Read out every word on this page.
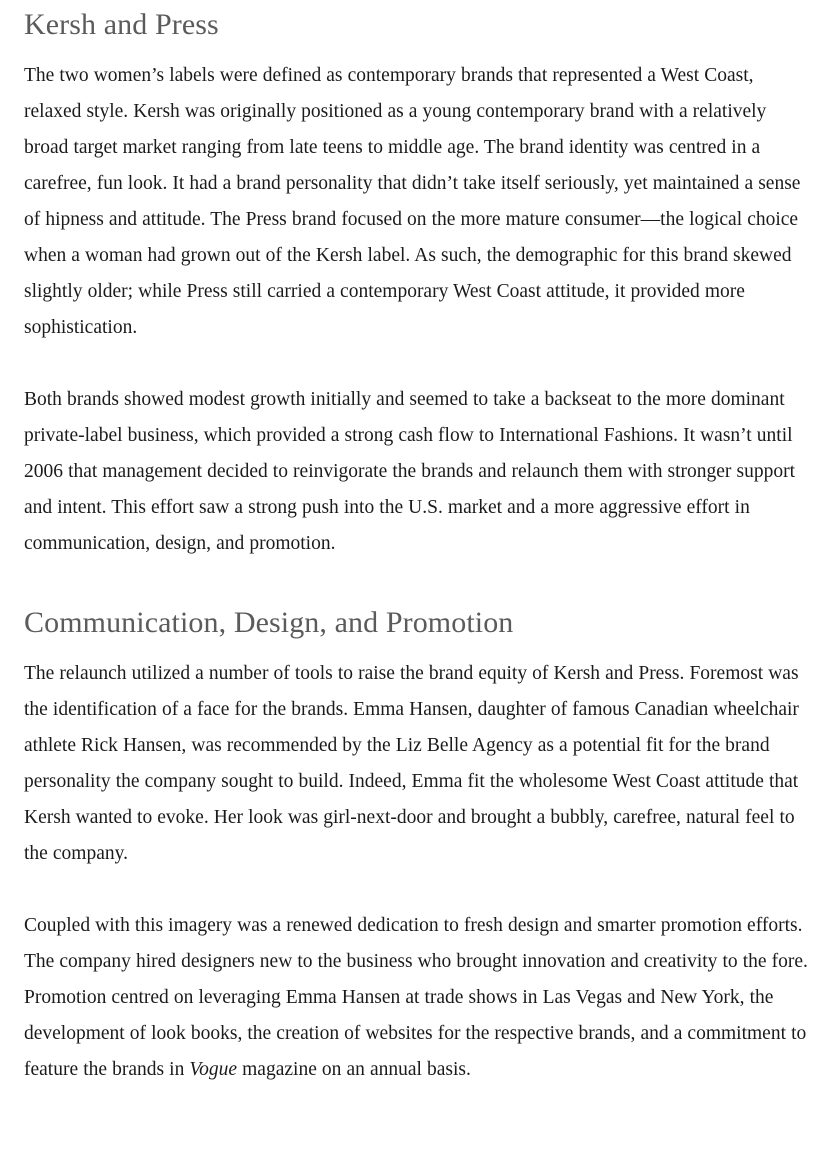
Kersh and Press

The two women’s labels were defined as contemporary brands that represented a West Coast, relaxed style. Kersh was originally positioned as a young contemporary brand with a relatively broad target market ranging from late teens to middle age. The brand identity was centred in a carefree, fun look. It had a brand personality that didn’t take itself seriously, yet maintained a sense of hipness and attitude. The Press brand focused on the more mature consumer—the logical choice when a woman had grown out of the Kersh label. As such, the demographic for this brand skewed slightly older; while Press still carried a contemporary West Coast attitude, it provided more sophistication.

Both brands showed modest growth initially and seemed to take a backseat to the more dominant private-label business, which provided a strong cash flow to International Fashions. It wasn’t until 2006 that management decided to reinvigorate the brands and relaunch them with stronger support and intent. This effort saw a strong push into the U.S. market and a more aggressive effort in communication, design, and promotion.

Communication, Design, and Promotion

The relaunch utilized a number of tools to raise the brand equity of Kersh and Press. Foremost was the identification of a face for the brands. Emma Hansen, daughter of famous Canadian wheelchair athlete Rick Hansen, was recommended by the Liz Belle Agency as a potential fit for the brand personality the company sought to build. Indeed, Emma fit the wholesome West Coast attitude that Kersh wanted to evoke. Her look was girl-next-door and brought a bubbly, carefree, natural feel to the company.

Coupled with this imagery was a renewed dedication to fresh design and smarter promotion efforts. The company hired designers new to the business who brought innovation and creativity to the fore. Promotion centred on leveraging Emma Hansen at trade shows in Las Vegas and New York, the development of look books, the creation of websites for the respective brands, and a commitment to feature the brands in Vogue magazine on an annual basis.
